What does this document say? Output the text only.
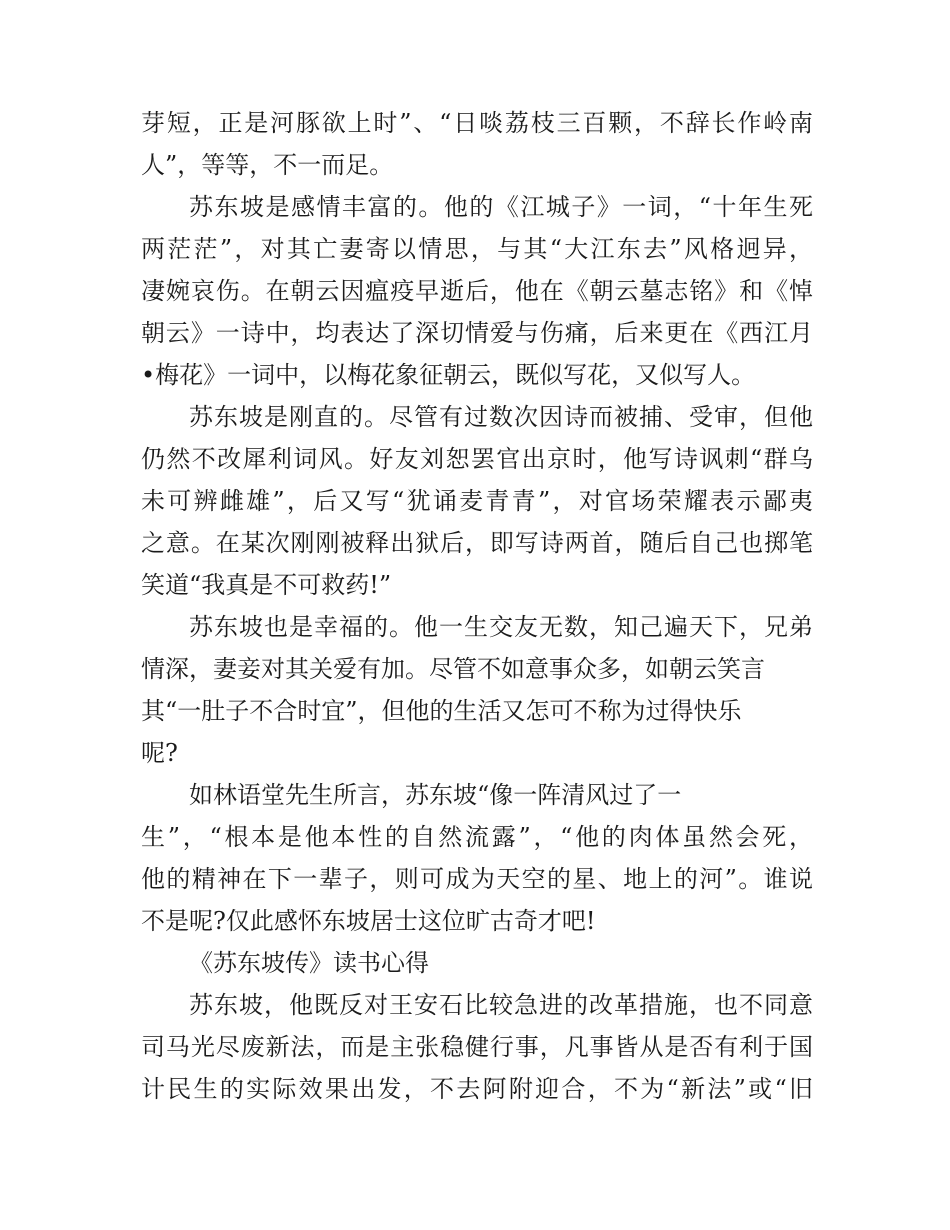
芽短，正是河豚欲上时”、“日啖荔枝三百颗，不辞长作岭南
人”，等等，不一而足。
苏东坡是感情丰富的。他的《江城子》一词，“十年生死
两茫茫”，对其亡妻寄以情思，与其“大江东去”风格迥异，
凄婉哀伤。在朝云因瘟疫早逝后，他在《朝云墓志铭》和《悼
朝云》一诗中，均表达了深切情爱与伤痛，后来更在《西江月
•梅花》一词中，以梅花象征朝云，既似写花，又似写人。
苏东坡是刚直的。尽管有过数次因诗而被捕、受审，但他
仍然不改犀利词风。好友刘恕罢官出京时，他写诗讽刺“群乌
未可辨雌雄”，后又写“犹诵麦青青”，对官场荣耀表示鄙夷
之意。在某次刚刚被释出狱后，即写诗两首，随后自己也掷笔
笑道“我真是不可救药!”
苏东坡也是幸福的。他一生交友无数，知己遍天下，兄弟
情深，妻妾对其关爱有加。尽管不如意事众多，如朝云笑言
其“一肚子不合时宜”，但他的生活又怎可不称为过得快乐
呢?
如林语堂先生所言，苏东坡“像一阵清风过了一
生”，“根本是他本性的自然流露”，“他的肉体虽然会死，
他的精神在下一辈子，则可成为天空的星、地上的河”。谁说
不是呢?仅此感怀东坡居士这位旷古奇才吧!
《苏东坡传》读书心得
苏东坡，他既反对王安石比较急进的改革措施，也不同意
司马光尽废新法，而是主张稳健行事，凡事皆从是否有利于国
计民生的实际效果出发，不去阿附迎合，不为“新法”或“旧
